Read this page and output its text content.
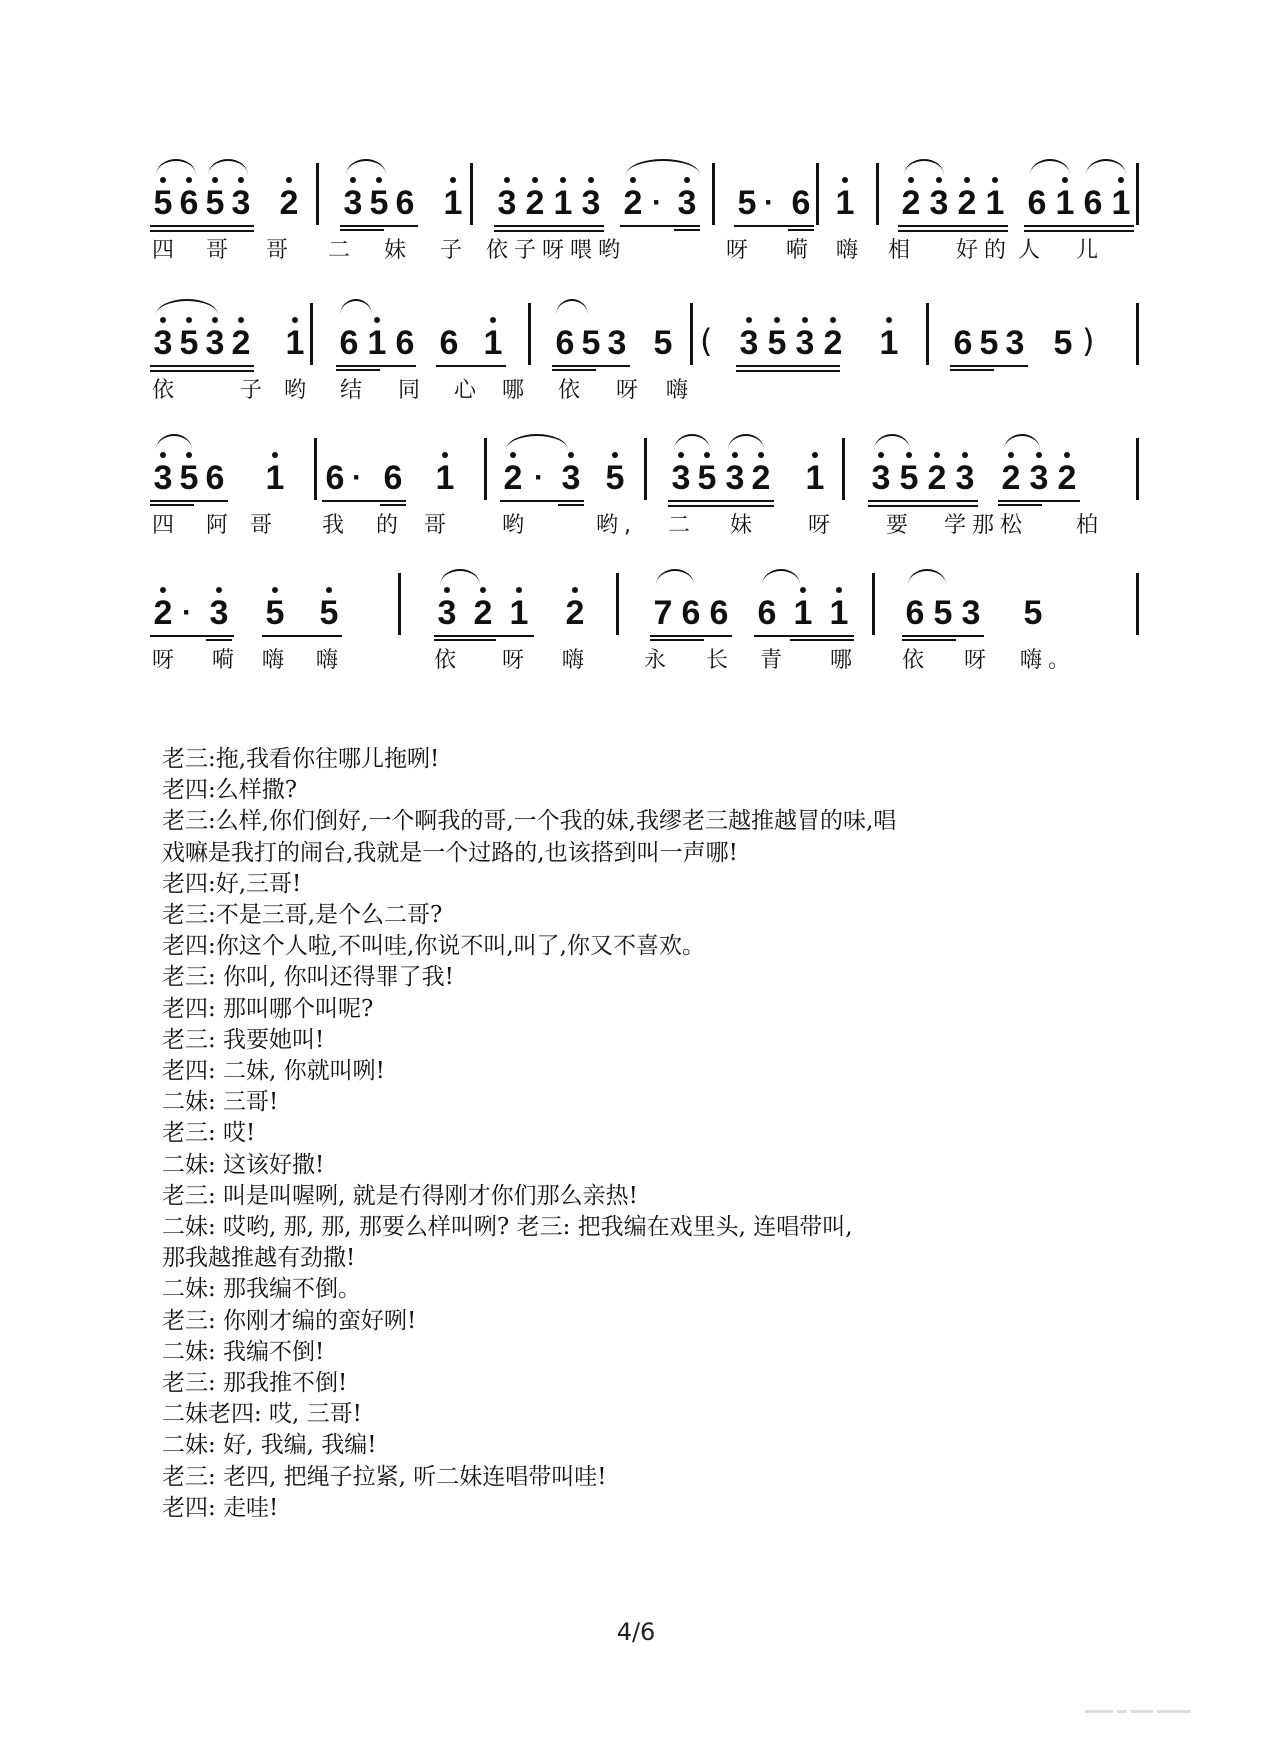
5 6 5 3 2 3 5 6 1 3 2 1 3 2 3 5 6 1 2 3 2 1 6 1 6 1
·	·
四 哥 哥 二 妹 子 依子呀喂哟	呀 嗬 嗨 相 好的 人 儿
3 5 3 2 1 6 1 6 6 1 6 5 3 5 3 5 3 2 1 6 5 3 5
(	)
依	子 哟 结 同 心 哪 依 呀 嗨
3 5 6 1 6 6 1 2 3 5 3 5 3 2 1 3 5 2 3 2 3 2
·	·
四 阿 哥 我 的 哥	哟	哟, 二 妹	呀	要 学那松 柏
2 3 5 5	3 2 1 2 7 6 6 6 1 1 6 5 3 5
·
呀 嗬 嗨 嗨	依 呀 嗨	永 长 青 哪 依 呀 嗨。
老三:拖,我看你往哪儿拖咧!
老四:么样撒?
老三:么样,你们倒好,一个啊我的哥,一个我的妹,我缪老三越推越冒的味,唱
戏嘛是我打的闹台,我就是一个过路的,也该搭到叫一声哪!
老四:好,三哥!
老三:不是三哥,是个么二哥?
老四:你这个人啦,不叫哇,你说不叫,叫了,你又不喜欢。
老三: 你叫, 你叫还得罪了我!
老四: 那叫哪个叫呢?
老三: 我要她叫!
老四: 二妹, 你就叫咧!
二妹: 三哥!
老三: 哎!
二妹: 这该好撒!
老三: 叫是叫喔咧, 就是冇得刚才你们那么亲热!
二妹: 哎哟, 那, 那, 那要么样叫咧? 老三: 把我编在戏里头, 连唱带叫,
那我越推越有劲撒!
二妹: 那我编不倒。
老三: 你刚才编的蛮好咧!
二妹: 我编不倒!
老三: 那我推不倒!
二妹老四: 哎, 三哥!
二妹: 好, 我编, 我编!
老三: 老四, 把绳子拉紧, 听二妹连唱带叫哇!
老四: 走哇!
4/6
